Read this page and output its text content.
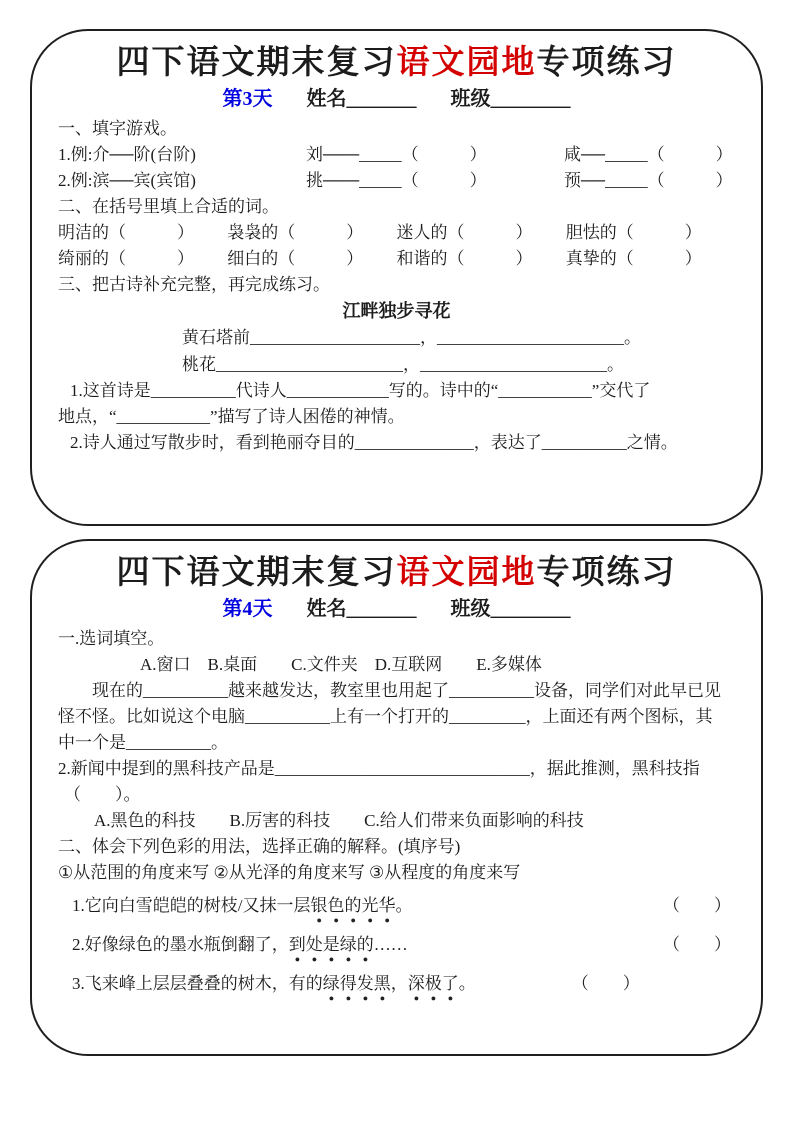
四下语文期末复习语文园地专项练习
第3天 姓名_______ 班级________

一、填字游戏。

1.例:介──阶(台阶)	刘───_____（　　　）	咸──_____（　　　）
2.例:滨──宾(宾馆)	挑───_____（　　　）	预──_____（　　　）

二、在括号里填上合适的词。

明洁的（　　　）	袅袅的（　　　）	迷人的（　　　）	胆怯的（　　　）
绮丽的（　　　）	细白的（　　　）	和谐的（　　　）	真挚的（　　　）

三、把古诗补充完整，再完成练习。

江畔独步寻花

黄石塔前____________________，______________________。

桃花______________________，______________________。

1.这首诗是__________代诗人____________写的。诗中的“___________”交代了

地点，“___________”描写了诗人困倦的神情。

2.诗人通过写散步时，看到艳丽夺目的______________，表达了__________之情。

四下语文期末复习语文园地专项练习
第4天 姓名_______ 班级________

一.选词填空。

A.窗口　B.桌面　　C.文件夹　D.互联网　　E.多媒体

现在的__________越来越发达，教室里也用起了__________设备，同学们对此早已见

怪不怪。比如说这个电脑__________上有一个打开的_________，上面还有两个图标，其

中一个是__________。

2.新闻中提到的黑科技产品是______________________________，据此推测，黑科技指

（　　）。

A.黑色的科技　　B.厉害的科技　　C.给人们带来负面影响的科技

二、体会下列色彩的用法，选择正确的解释。(填序号)

①从范围的角度来写 ②从光泽的角度来写 ③从程度的角度来写

1.它向白雪皑皑的树枝/又抹一层银色的光华。	（　　）
2.好像绿色的墨水瓶倒翻了，到处是绿的……	（　　）
3.飞来峰上层层叠叠的树木，有的绿得发黑，深极了。	（　　）
